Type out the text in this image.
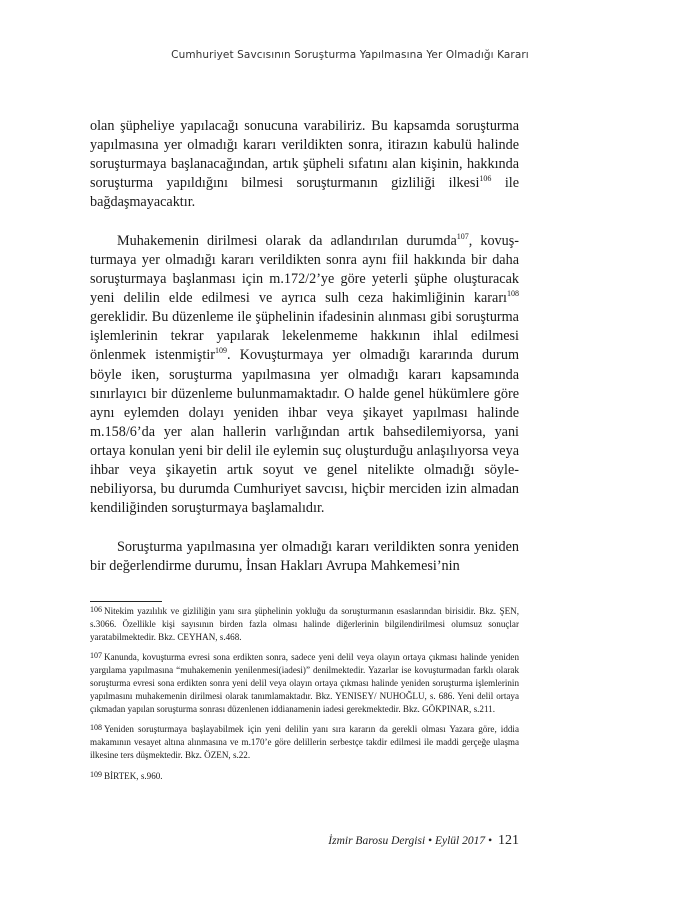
Cumhuriyet Savcısının Soruşturma Yapılmasına Yer Olmadığı Kararı

olan şüpheliye yapılacağı sonucuna varabiliriz. Bu kapsamda soruşturma yapılmasına yer olmadığı kararı verildikten sonra, itirazın kabulü halinde soruşturmaya başlanacağından, artık şüpheli sıfatını alan kişinin, hakkında soruşturma yapıldığını bilmesi soruşturmanın gizliliği ilkesi$^{106}$ ile bağdaşmayacaktır.

Muhakemenin dirilmesi olarak da adlandırılan durumda$^{107}$, kovuşturmaya yer olmadığı kararı verildikten sonra aynı fiil hakkında bir daha soruşturmaya başlanması için m.172/2’ye göre yeterli şüphe oluşturacak yeni delilin elde edilmesi ve ayrıca sulh ceza hakimliğinin kararı$^{108}$ gereklidir. Bu düzenleme ile şüphelinin ifadesinin alınması gibi soruşturma işlemlerinin tekrar yapılarak lekelenmeme hakkının ihlal edilmesi önlenmek istenmiştir$^{109}$. Kovuşturmaya yer olmadığı kararında durum böyle iken, soruşturma yapılmasına yer olmadığı kararı kapsamında sınırlayıcı bir düzenleme bulunmamaktadır. O halde genel hükümlere göre aynı eylemden dolayı yeniden ihbar veya şikayet yapılması halinde m.158/6’da yer alan hallerin varlığından artık bahsedilemiyorsa, yani ortaya konulan yeni bir delil ile eylemin suç oluşturduğu anlaşılıyorsa veya ihbar veya şikayetin artık soyut ve genel nitelikte olmadığı söylenebiliyorsa, bu durumda Cumhuriyet savcısı, hiçbir merciden izin almadan kendiliğinden soruşturmaya başlamalıdır.

Soruşturma yapılmasına yer olmadığı kararı verildikten sonra yeniden bir değerlendirme durumu, İnsan Hakları Avrupa Mahkemesi’nin

106 Nitekim yazılılık ve gizliliğin yanı sıra şüphelinin yokluğu da soruşturmanın esaslarından birisidir. Bkz. ŞEN, s.3066. Özellikle kişi sayısının birden fazla olması halinde diğerlerinin bilgilendirilmesi olumsuz sonuçlar yaratabilmektedir. Bkz. CEYHAN, s.468.

107 Kanunda, kovuşturma evresi sona erdikten sonra, sadece yeni delil veya olayın ortaya çıkması halinde yeniden yargılama yapılmasına “muhakemenin yenilenmesi(iadesi)” denilmektedir. Yazarlar ise kovuşturmadan farklı olarak soruşturma evresi sona erdikten sonra yeni delil veya olayın ortaya çıkması halinde yeniden soruşturma işlemlerinin yapılmasını muhakemenin dirilmesi olarak tanımlamaktadır. Bkz. YENISEY/ NUHOĞLU, s. 686. Yeni delil ortaya çıkmadan yapılan soruşturma sonrası düzenlenen iddianamenin iadesi gerekmektedir. Bkz. GÖKPINAR, s.211.

108 Yeniden soruşturmaya başlayabilmek için yeni delilin yanı sıra kararın da gerekli olması Yazara göre, iddia makamının vesayet altına alınmasına ve m.170’e göre delillerin serbestçe takdir edilmesi ile maddi gerçeğe ulaşma ilkesine ters düşmektedir. Bkz. ÖZEN, s.22.

109 BİRTEK, s.960.

İzmir Barosu Dergisi • Eylül 2017 • 121
